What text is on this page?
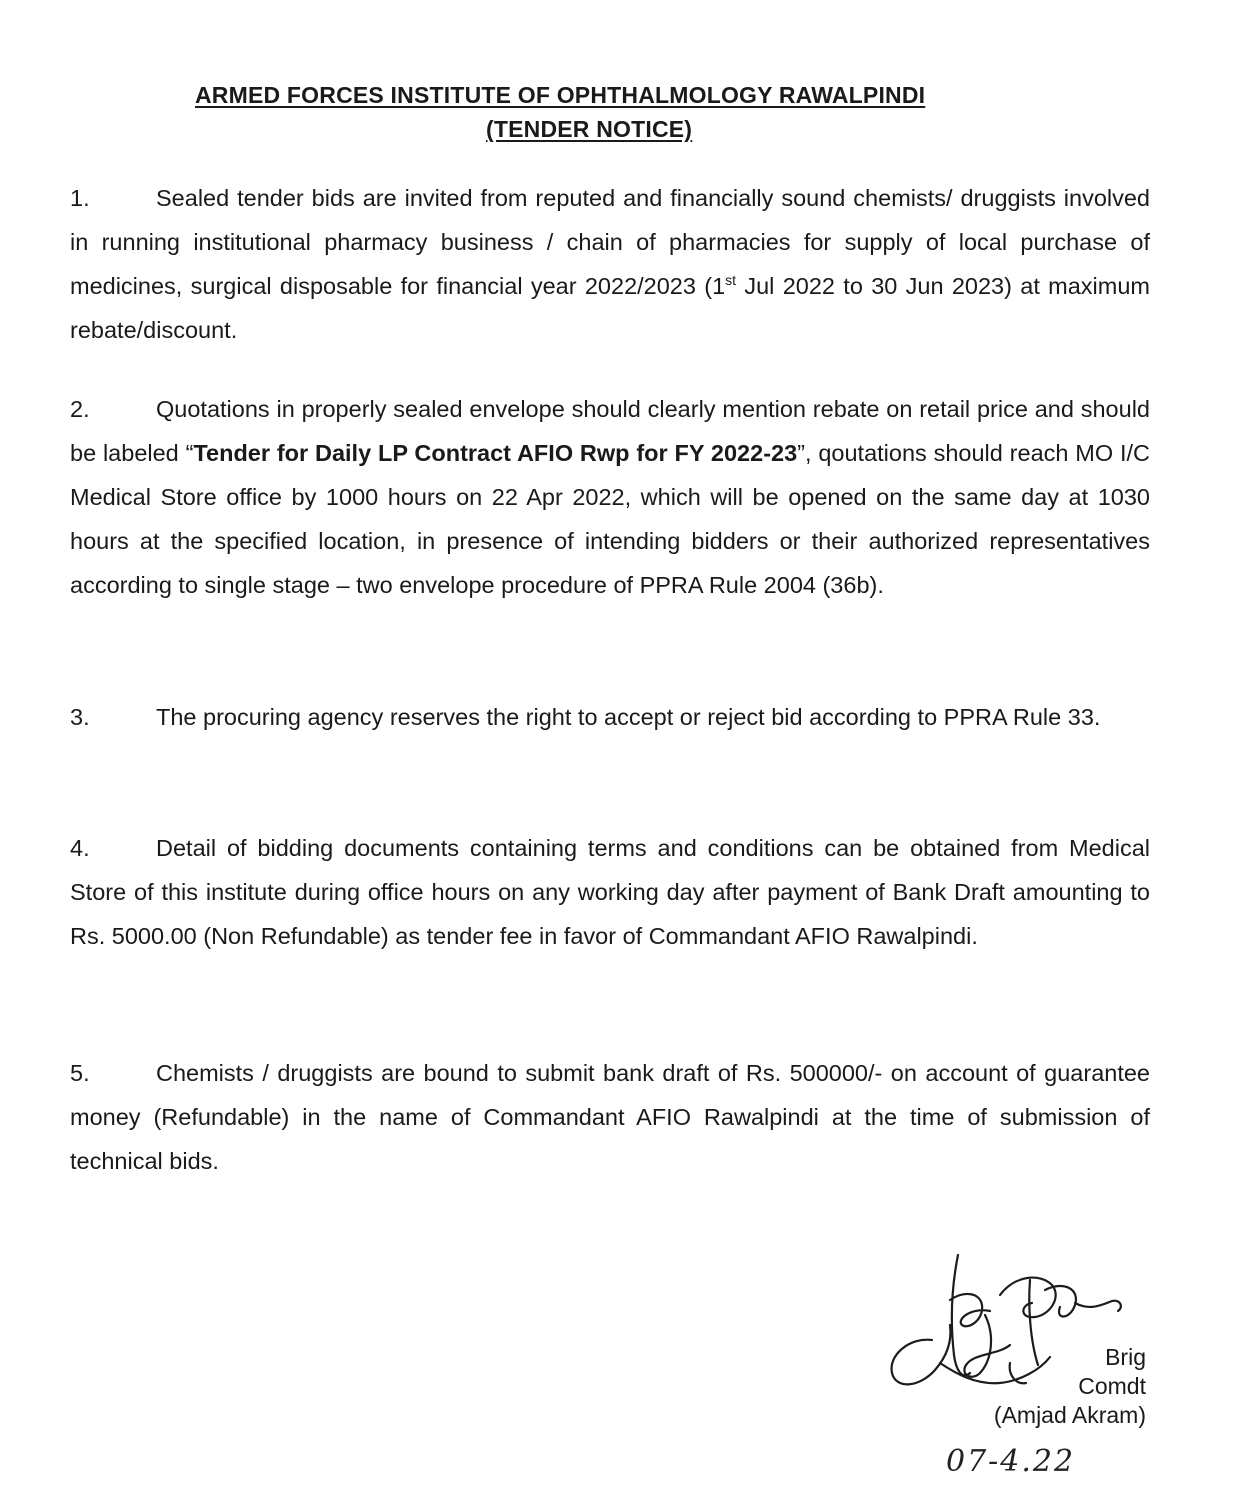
ARMED FORCES INSTITUTE OF OPHTHALMOLOGY RAWALPINDI
(TENDER NOTICE)

1.	Sealed tender bids are invited from reputed and financially sound chemists/ druggists involved in running institutional pharmacy business / chain of pharmacies for supply of local purchase of medicines, surgical disposable for financial year 2022/2023 (1st Jul 2022 to 30 Jun 2023) at maximum rebate/discount.

2.	Quotations in properly sealed envelope should clearly mention rebate on retail price and should be labeled “Tender for Daily LP Contract AFIO Rwp for FY 2022-23”, qoutations should reach MO I/C Medical Store office by 1000 hours on 22 Apr 2022, which will be opened on the same day at 1030 hours at the specified location, in presence of intending bidders or their authorized representatives according to single stage – two envelope procedure of PPRA Rule 2004 (36b).

3.	The procuring agency reserves the right to accept or reject bid according to PPRA Rule 33.

4.	Detail of bidding documents containing terms and conditions can be obtained from Medical Store of this institute during office hours on any working day after payment of Bank Draft amounting to Rs. 5000.00 (Non Refundable) as tender fee in favor of Commandant AFIO Rawalpindi.

5.	Chemists / druggists are bound to submit bank draft of Rs. 500000/- on account of guarantee money (Refundable) in the name of Commandant AFIO Rawalpindi at the time of submission of technical bids.

Brig
Comdt
(Amjad Akram)
07-4.22
